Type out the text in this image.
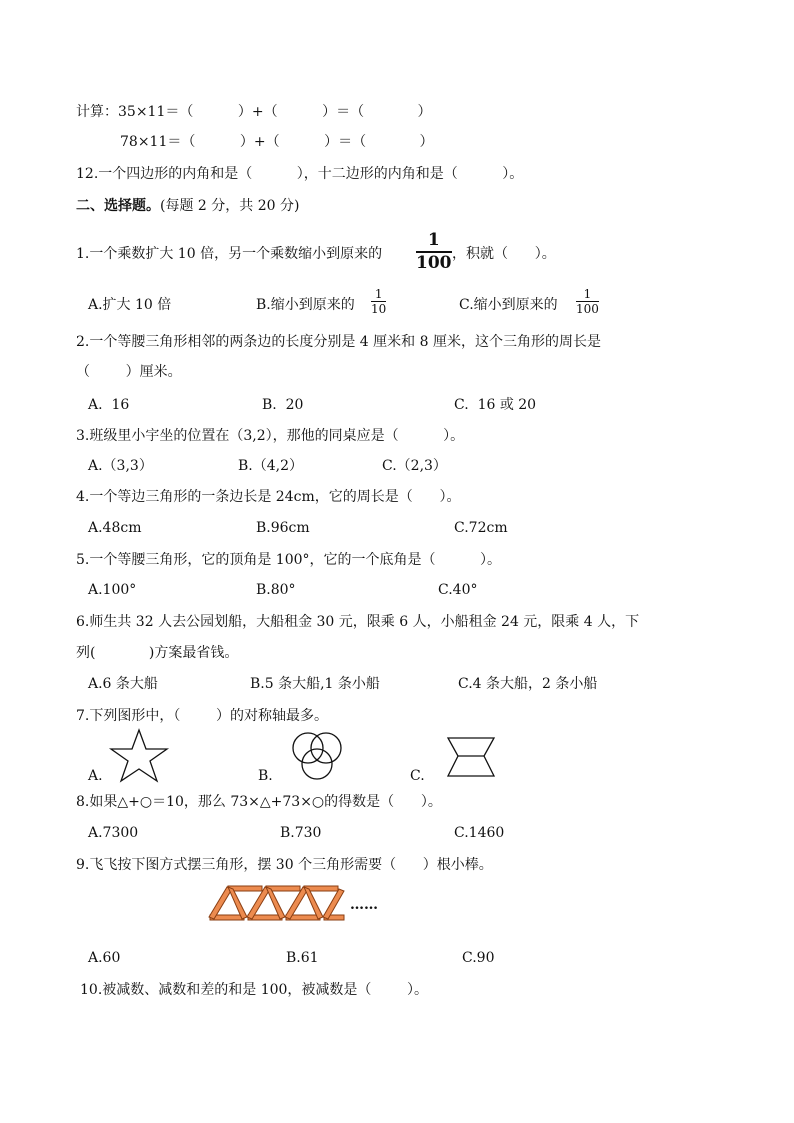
计算：35×11＝（          ）+（          ）＝（            ）
78×11＝（          ）+（          ）＝（            ）
12.一个四边形的内角和是（          ），十二边形的内角和是（          ）。
二、选择题。(每题 2 分，共 20 分)
1.一个乘数扩大 10 倍，另一个乘数缩小到原来的
1
100 ，积就（      ）。
A.扩大 10 倍	B.缩小到原来的
1
10	C.缩小到原来的
1
100
2.一个等腰三角形相邻的两条边的长度分别是 4 厘米和 8 厘米，这个三角形的周长是
（        ）厘米。
A.  16	B.  20	C.  16 或 20
3.班级里小宇坐的位置在（3,2），那他的同桌应是（          ）。
A.（3,3）	B.（4,2）	C.（2,3）
4.一个等边三角形的一条边长是 24cm，它的周长是（      ）。
A.48cm	B.96cm	C.72cm
5.一个等腰三角形，它的顶角是 100°，它的一个底角是（          ）。
A.100°	B.80°	C.40°
6.师生共 32 人去公园划船，大船租金 30 元，限乘 6 人，小船租金 24 元，限乘 4 人，下
列(            )方案最省钱。
A.6 条大船	B.5 条大船,1 条小船	C.4 条大船，2 条小船
7.下列图形中，（        ）的对称轴最多。
A.	B.	C.
8.如果△+○＝10，那么 73×△+73×○的得数是（      ）。
A.7300	B.730	C.1460
9.飞飞按下图方式摆三角形，摆 30 个三角形需要（      ）根小棒。
……
A.60	B.61	C.90
10.被减数、减数和差的和是 100，被减数是（        ）。
